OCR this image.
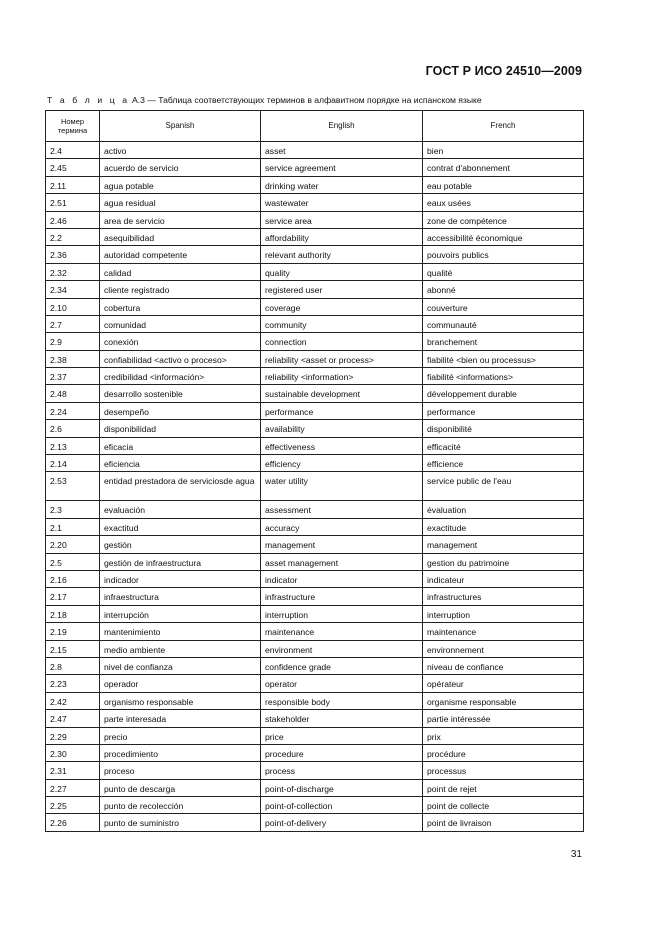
ГОСТ Р ИСО 24510—2009
Т а б л и ц а А.3 — Таблица соответствующих терминов в алфавитном порядке на испанском языке
Номер термина	Spanish	English	French
2.4	activo	asset	bien
2.45	acuerdo de servicio	service agreement	contrat d'abonnement
2.11	agua potable	drinking water	eau potable
2.51	agua residual	wastewater	eaux usées
2.46	area de servicio	service area	zone de compétence
2.2	asequibilidad	affordability	accessibilité économique
2.36	autoridad competente	relevant authority	pouvoirs publics
2.32	calidad	quality	qualité
2.34	cliente registrado	registered user	abonné
2.10	cobertura	coverage	couverture
2.7	comunidad	community	communauté
2.9	conexión	connection	branchement
2.38	confiabilidad <activo o proceso>	reliability <asset or process>	fiabilité <bien ou processus>
2.37	credibilidad <información>	reliability <information>	fiabilité <informations>
2.48	desarrollo sostenible	sustainable development	développement durable
2.24	desempeño	performance	performance
2.6	disponibilidad	availability	disponibilité
2.13	eficacia	effectiveness	efficacité
2.14	eficiencia	efficiency	efficience
2.53	entidad prestadora de serviciosde agua	water utility	service public de l'eau
2.3	evaluación	assessment	évaluation
2.1	exactitud	accuracy	exactitude
2.20	gestión	management	management
2.5	gestión de infraestructura	asset management	gestion du patrimoine
2.16	indicador	indicator	indicateur
2.17	infraestructura	infrastructure	infrastructures
2.18	interrupción	interruption	interruption
2.19	mantenimiento	maintenance	maintenance
2.15	medio ambiente	environment	environnement
2.8	nivel de confianza	confidence grade	niveau de confiance
2.23	operador	operator	opérateur
2.42	organismo responsable	responsible body	organisme responsable
2.47	parte interesada	stakeholder	partie intéressée
2.29	precio	price	prix
2.30	procedimiento	procedure	procédure
2.31	proceso	process	processus
2.27	punto de descarga	point-of-discharge	point de rejet
2.25	punto de recolección	point-of-collection	point de collecte
2.26	punto de suministro	point-of-delivery	point de livraison
31
